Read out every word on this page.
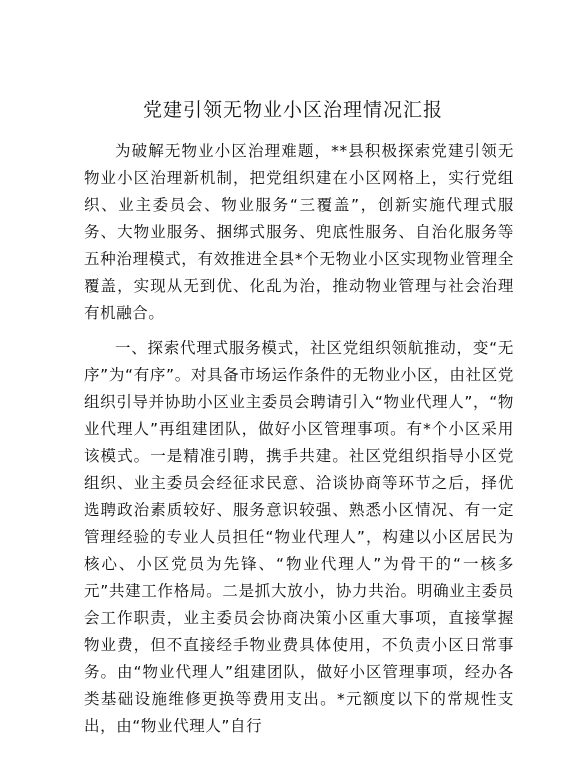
党建引领无物业小区治理情况汇报

为破解无物业小区治理难题，**县积极探索党建引领无物业小区治理新机制，把党组织建在小区网格上，实行党组织、业主委员会、物业服务“三覆盖”，创新实施代理式服务、大物业服务、捆绑式服务、兜底性服务、自治化服务等五种治理模式，有效推进全县*个无物业小区实现物业管理全覆盖，实现从无到优、化乱为治，推动物业管理与社会治理有机融合。

一、探索代理式服务模式，社区党组织领航推动，变“无序”为“有序”。对具备市场运作条件的无物业小区，由社区党组织引导并协助小区业主委员会聘请引入“物业代理人”，“物业代理人”再组建团队，做好小区管理事项。有*个小区采用该模式。一是精准引聘，携手共建。社区党组织指导小区党组织、业主委员会经征求民意、洽谈协商等环节之后，择优选聘政治素质较好、服务意识较强、熟悉小区情况、有一定管理经验的专业人员担任“物业代理人”，构建以小区居民为核心、小区党员为先锋、“物业代理人”为骨干的“一核多元”共建工作格局。二是抓大放小，协力共治。明确业主委员会工作职责，业主委员会协商决策小区重大事项，直接掌握物业费，但不直接经手物业费具体使用，不负责小区日常事务。由“物业代理人”组建团队，做好小区管理事项，经办各类基础设施维修更换等费用支出。*元额度以下的常规性支出，由“物业代理人”自行
